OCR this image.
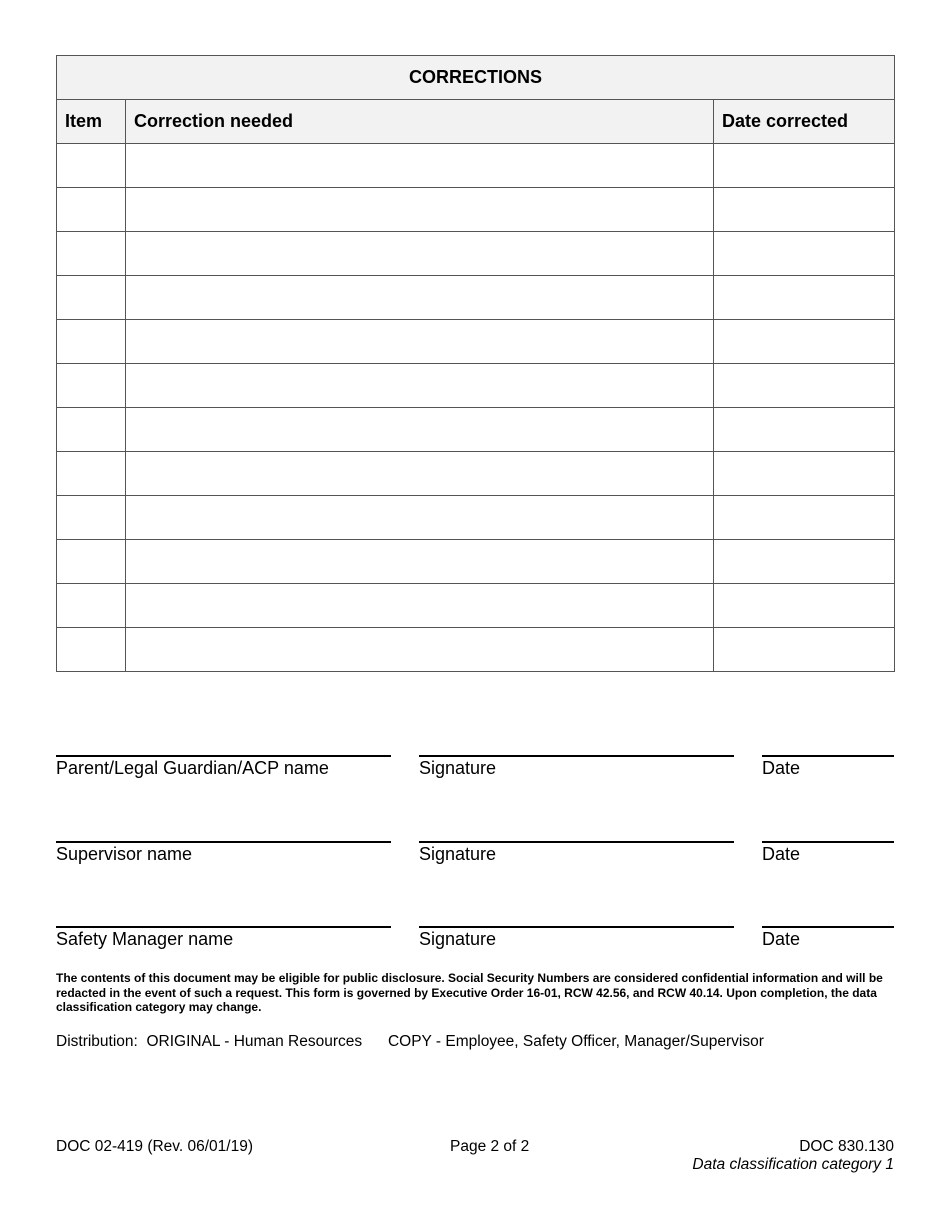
CORRECTIONS		
Item	Correction needed	Date corrected

Parent/Legal Guardian/ACP name	Signature	Date
Supervisor name	Signature	Date
Safety Manager name	Signature	Date
The contents of this document may be eligible for public disclosure. Social Security Numbers are considered confidential information and will be redacted in the event of such a request. This form is governed by Executive Order 16-01, RCW 42.56, and RCW 40.14. Upon completion, the data classification category may change.
Distribution: ORIGINAL - Human Resources COPY - Employee, Safety Officer, Manager/Supervisor
DOC 02-419 (Rev. 06/01/19)	Page 2 of 2	DOC 830.130
Data classification category 1
